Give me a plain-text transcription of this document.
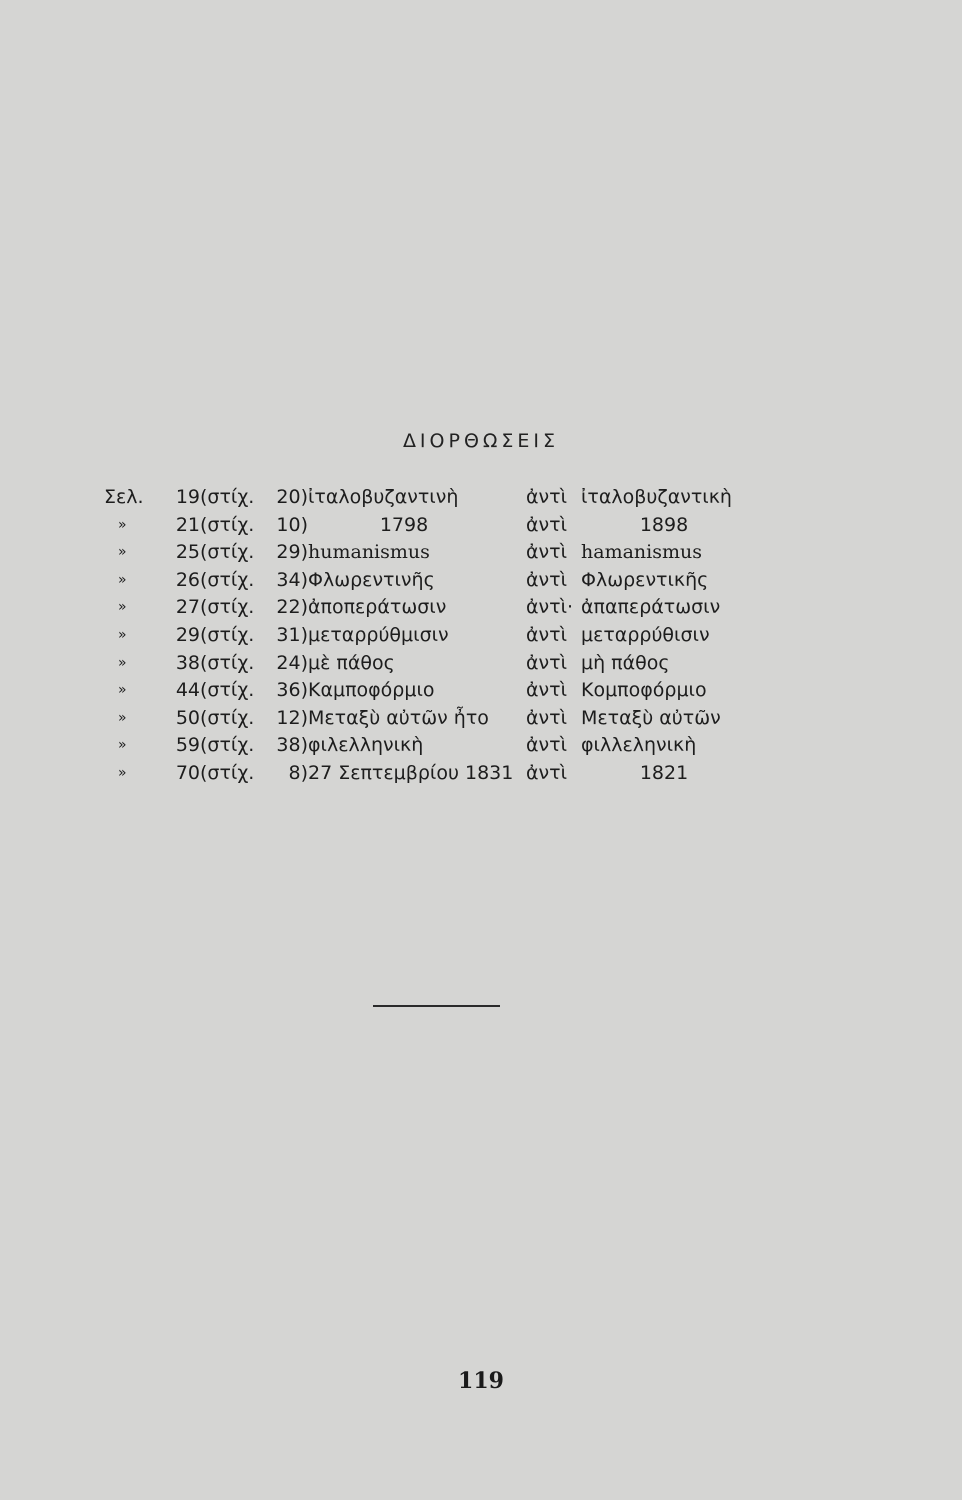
ΔΙΟΡΘΩΣΕΙΣ
Σελ.	19 (στίχ.	20) ἰταλοβυζαντινὴ	ἀντὶ ἰταλοβυζαντικὴ
»	21 (στίχ.	10)	1798	ἀντὶ	1898
»	25 (στίχ.	29) humanismus	ἀντὶ hamanismus
»	26 (στίχ.	34) Φλωρεντινῆς	ἀντὶ Φλωρεντικῆς
»	27 (στίχ.	22) ἀποπεράτωσιν	ἀντὶ· ἀπαπεράτωσιν
»	29 (στίχ.	31) μεταρρύθμισιν	ἀντὶ μεταρρύθισιν
»	38 (στίχ.	24) μὲ πάθος	ἀντὶ μὴ πάθος
»	44 (στίχ.	36) Καμποφόρμιο	ἀντὶ Κομποφόρμιο
»	50 (στίχ.	12) Μεταξὺ αὐτῶν ἦτο ἀντὶ Μεταξὺ αὐτῶν
»	59 (στίχ.	38) φιλελληνικὴ	ἀντὶ φιλλεληνικὴ
»	70 (στίχ.	8) 27 Σεπτεμβρίου 1831 ἀντὶ	1821
119
